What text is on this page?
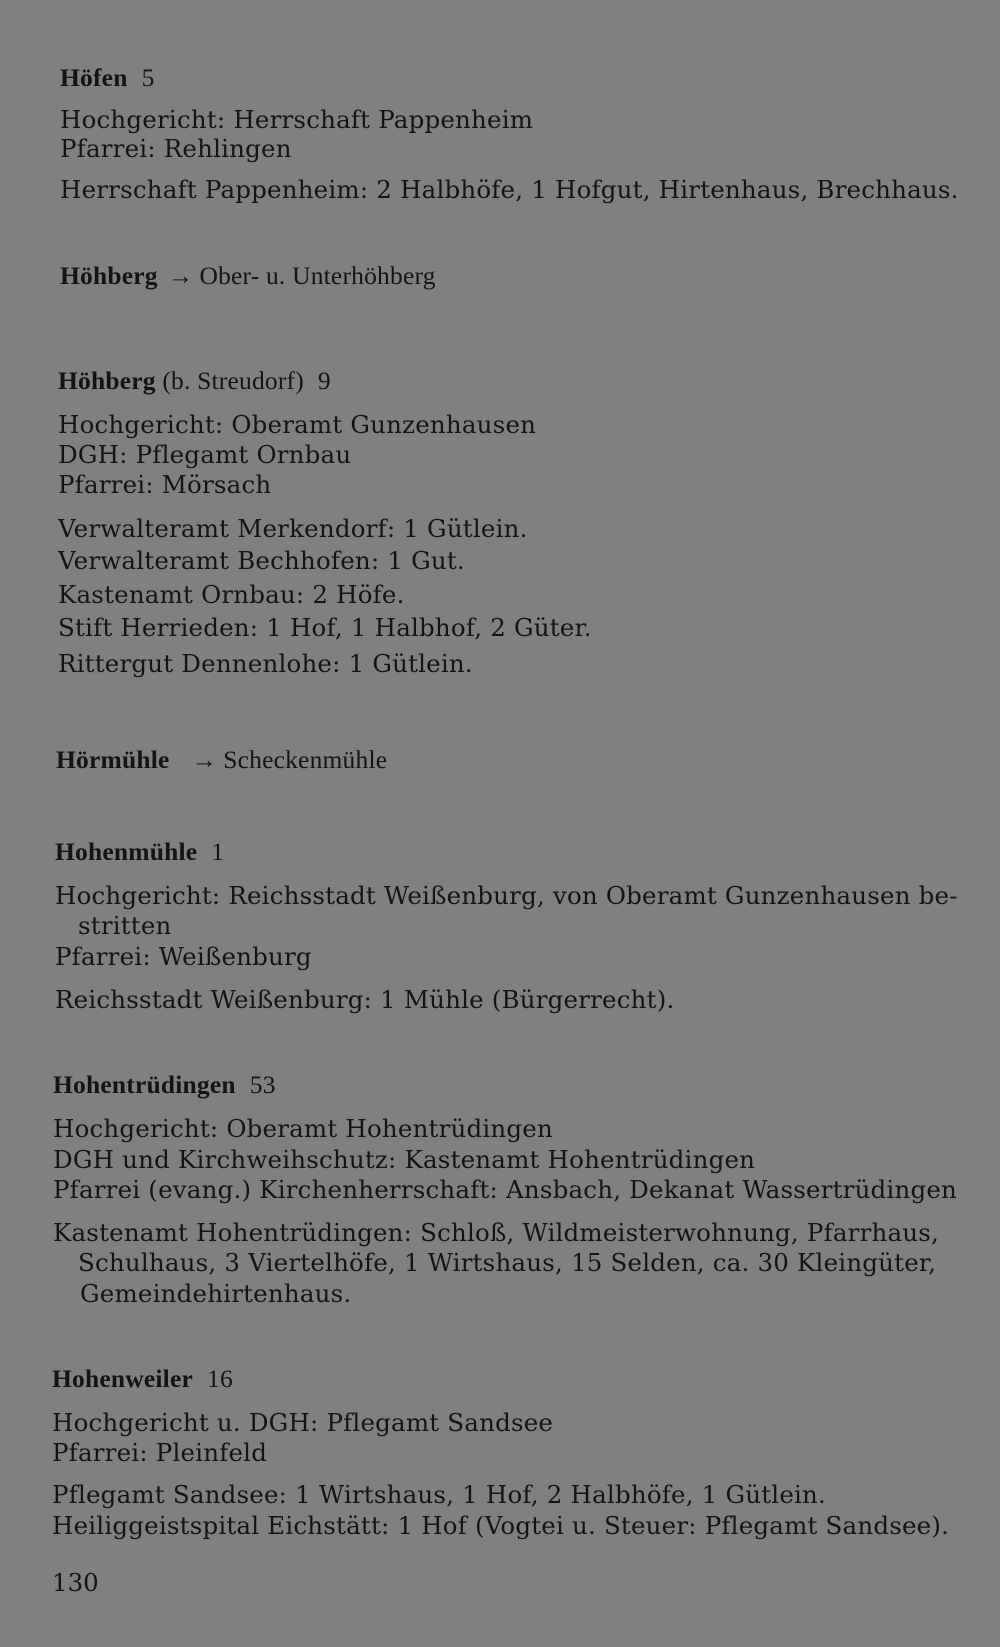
Höfen 5
Hochgericht: Herrschaft Pappenheim
Pfarrei: Rehlingen
Herrschaft Pappenheim: 2 Halbhöfe, 1 Hofgut, Hirtenhaus, Brechhaus.
Höhberg → Ober- u. Unterhöhberg
Höhberg (b. Streudorf) 9
Hochgericht: Oberamt Gunzenhausen
DGH: Pflegamt Ornbau
Pfarrei: Mörsach
Verwalteramt Merkendorf: 1 Gütlein.
Verwalteramt Bechhofen: 1 Gut.
Kastenamt Ornbau: 2 Höfe.
Stift Herrieden: 1 Hof, 1 Halbhof, 2 Güter.
Rittergut Dennenlohe: 1 Gütlein.
Hörmühle → Scheckenmühle
Hohenmühle 1
Hochgericht: Reichsstadt Weißenburg, von Oberamt Gunzenhausen be-
stritten
Pfarrei: Weißenburg
Reichsstadt Weißenburg: 1 Mühle (Bürgerrecht).
Hohentrüdingen 53
Hochgericht: Oberamt Hohentrüdingen
DGH und Kirchweihschutz: Kastenamt Hohentrüdingen
Pfarrei (evang.) Kirchenherrschaft: Ansbach, Dekanat Wassertrüdingen
Kastenamt Hohentrüdingen: Schloß, Wildmeisterwohnung, Pfarrhaus,
Schulhaus, 3 Viertelhöfe, 1 Wirtshaus, 15 Selden, ca. 30 Kleingüter,
Gemeindehirtenhaus.
Hohenweiler 16
Hochgericht u. DGH: Pflegamt Sandsee
Pfarrei: Pleinfeld
Pflegamt Sandsee: 1 Wirtshaus, 1 Hof, 2 Halbhöfe, 1 Gütlein.
Heiliggeistspital Eichstätt: 1 Hof (Vogtei u. Steuer: Pflegamt Sandsee).
130
